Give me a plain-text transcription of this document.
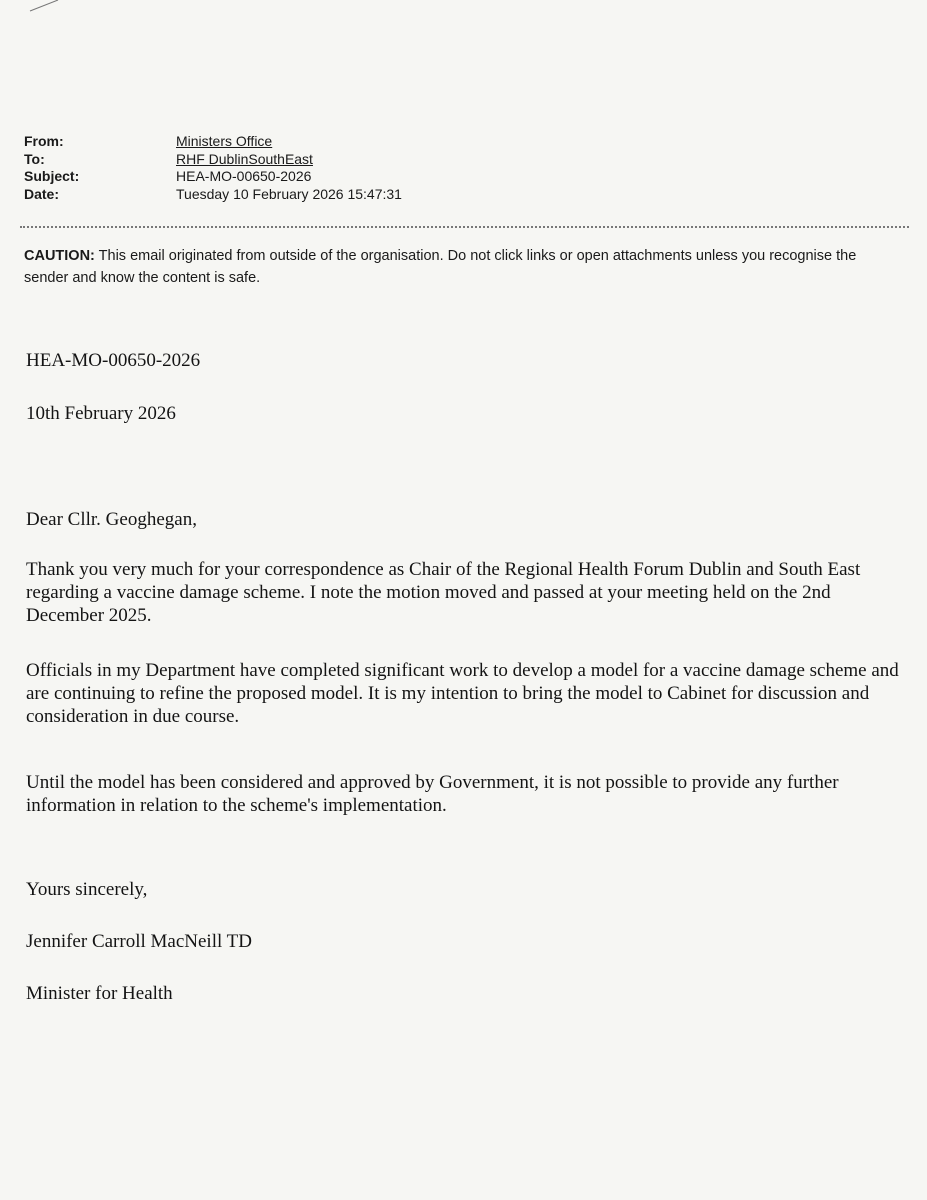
From:	Ministers Office
To:	RHF DublinSouthEast
Subject:	HEA-MO-00650-2026
Date:	Tuesday 10 February 2026 15:47:31
CAUTION: This email originated from outside of the organisation. Do not click links or open attachments unless you recognise the sender and know the content is safe.
HEA-MO-00650-2026
10th February 2026
Dear Cllr. Geoghegan,
Thank you very much for your correspondence as Chair of the Regional Health Forum Dublin and South East regarding a vaccine damage scheme. I note the motion moved and passed at your meeting held on the 2nd December 2025.
Officials in my Department have completed significant work to develop a model for a vaccine damage scheme and are continuing to refine the proposed model. It is my intention to bring the model to Cabinet for discussion and consideration in due course.
Until the model has been considered and approved by Government, it is not possible to provide any further information in relation to the scheme's implementation.
Yours sincerely,
Jennifer Carroll MacNeill TD
Minister for Health
